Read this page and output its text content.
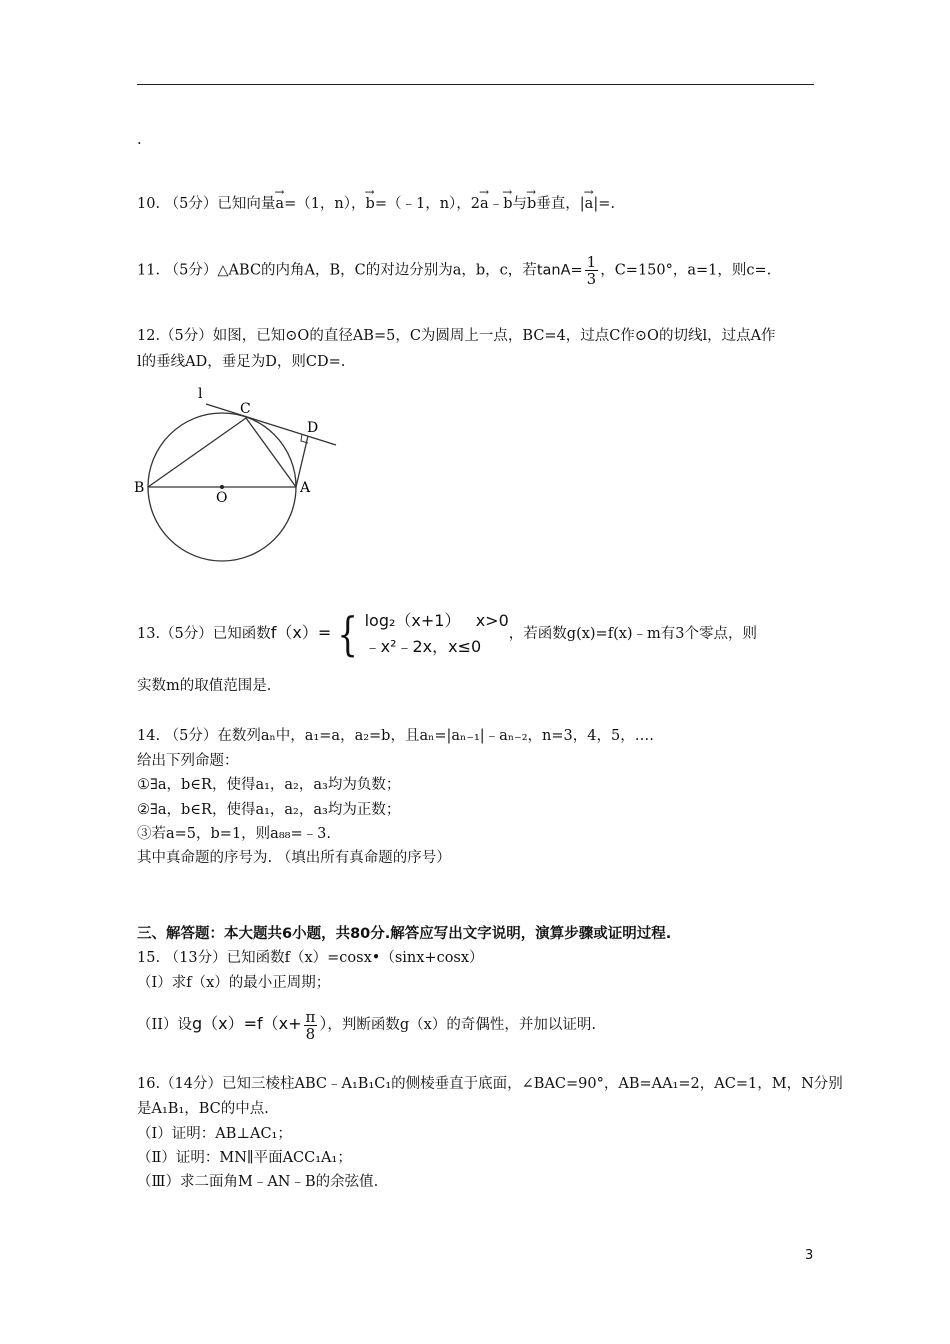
.
10. （5分）已知向量→ a=（1，n），→ b=（﹣1，n），2→ a﹣→ b与→ b垂直，|→ a|=.
11. （5分）△ABC的内角A，B，C的对边分别为a，b，c，若$\tan A= \frac{1}{3}$ ，C=150°，a=1，则c=.
12.（5分）如图，已知⊙O的直径AB=5，C为圆周上一点，BC=4，过点C作⊙O的切线l，过点A作
l的垂线AD，垂足为D，则CD=.
l
C
D
B
O
A
13.（5分）已知函数f（x）= { log₂（x+1）   x>0
﹣x²﹣2x，x≤0
，若函数g(x)=f(x)﹣m有3个零点，则
实数m的取值范围是.
14. （5分）在数列aₙ中，a₁=a，a₂=b，且aₙ=|aₙ₋₁|﹣aₙ₋₂，n=3，4，5，….
给出下列命题：
①∃a，b∈R，使得a₁，a₂，a₃均为负数；
②∃a，b∈R，使得a₁，a₂，a₃均为正数；
③若a=5，b=1，则a₈₈=﹣3.
其中真命题的序号为. （填出所有真命题的序号）
三、解答题：本大题共6小题，共80分.解答应写出文字说明，演算步骤或证明过程.
15. （13分）已知函数f（x）=cosx•（sinx+cosx）
（I）求f（x）的最小正周期；
（II）设$g(x)=f(x+ \frac{\pi}{8}$ ），判断函数g（x）的奇偶性，并加以证明.
16.（14分）已知三棱柱ABC﹣A₁B₁C₁的侧棱垂直于底面，∠BAC=90°，AB=AA₁=2，AC=1，M，N分别
是A₁B₁，BC的中点.
（Ⅰ）证明：AB⊥AC₁；
（Ⅱ）证明：MN∥平面ACC₁A₁；
（Ⅲ）求二面角M﹣AN﹣B的余弦值.
3
